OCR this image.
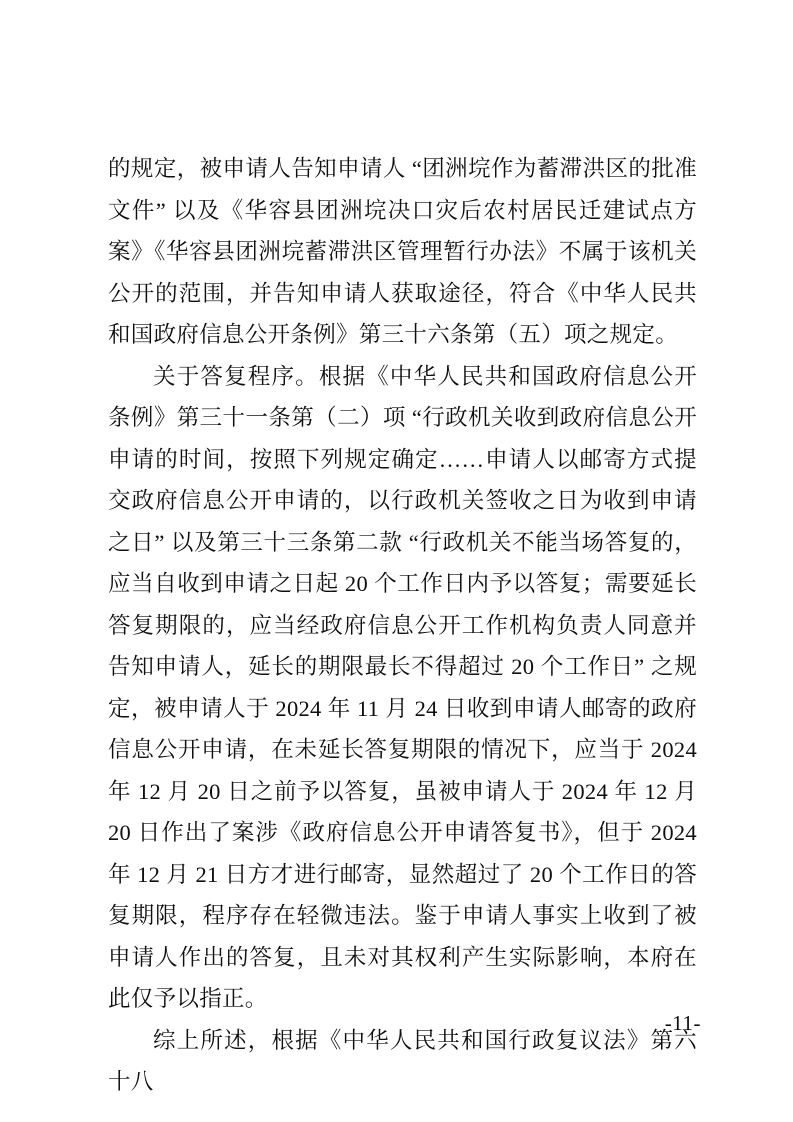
的规定，被申请人告知申请人 “团洲垸作为蓄滞洪区的批准文件” 以及《华容县团洲垸决口灾后农村居民迁建试点方案》《华容县团洲垸蓄滞洪区管理暂行办法》不属于该机关公开的范围，并告知申请人获取途径，符合《中华人民共和国政府信息公开条例》第三十六条第（五）项之规定。

关于答复程序。根据《中华人民共和国政府信息公开条例》第三十一条第（二）项 “行政机关收到政府信息公开申请的时间，按照下列规定确定……申请人以邮寄方式提交政府信息公开申请的，以行政机关签收之日为收到申请之日” 以及第三十三条第二款 “行政机关不能当场答复的，应当自收到申请之日起 20 个工作日内予以答复；需要延长答复期限的，应当经政府信息公开工作机构负责人同意并告知申请人，延长的期限最长不得超过 20 个工作日” 之规定，被申请人于 2024 年 11 月 24 日收到申请人邮寄的政府信息公开申请，在未延长答复期限的情况下，应当于 2024 年 12 月 20 日之前予以答复，虽被申请人于 2024 年 12 月 20 日作出了案涉《政府信息公开申请答复书》，但于 2024 年 12 月 21 日方才进行邮寄，显然超过了 20 个工作日的答复期限，程序存在轻微违法。鉴于申请人事实上收到了被申请人作出的答复，且未对其权利产生实际影响，本府在此仅予以指正。

综上所述，根据《中华人民共和国行政复议法》第六十八

-11-
